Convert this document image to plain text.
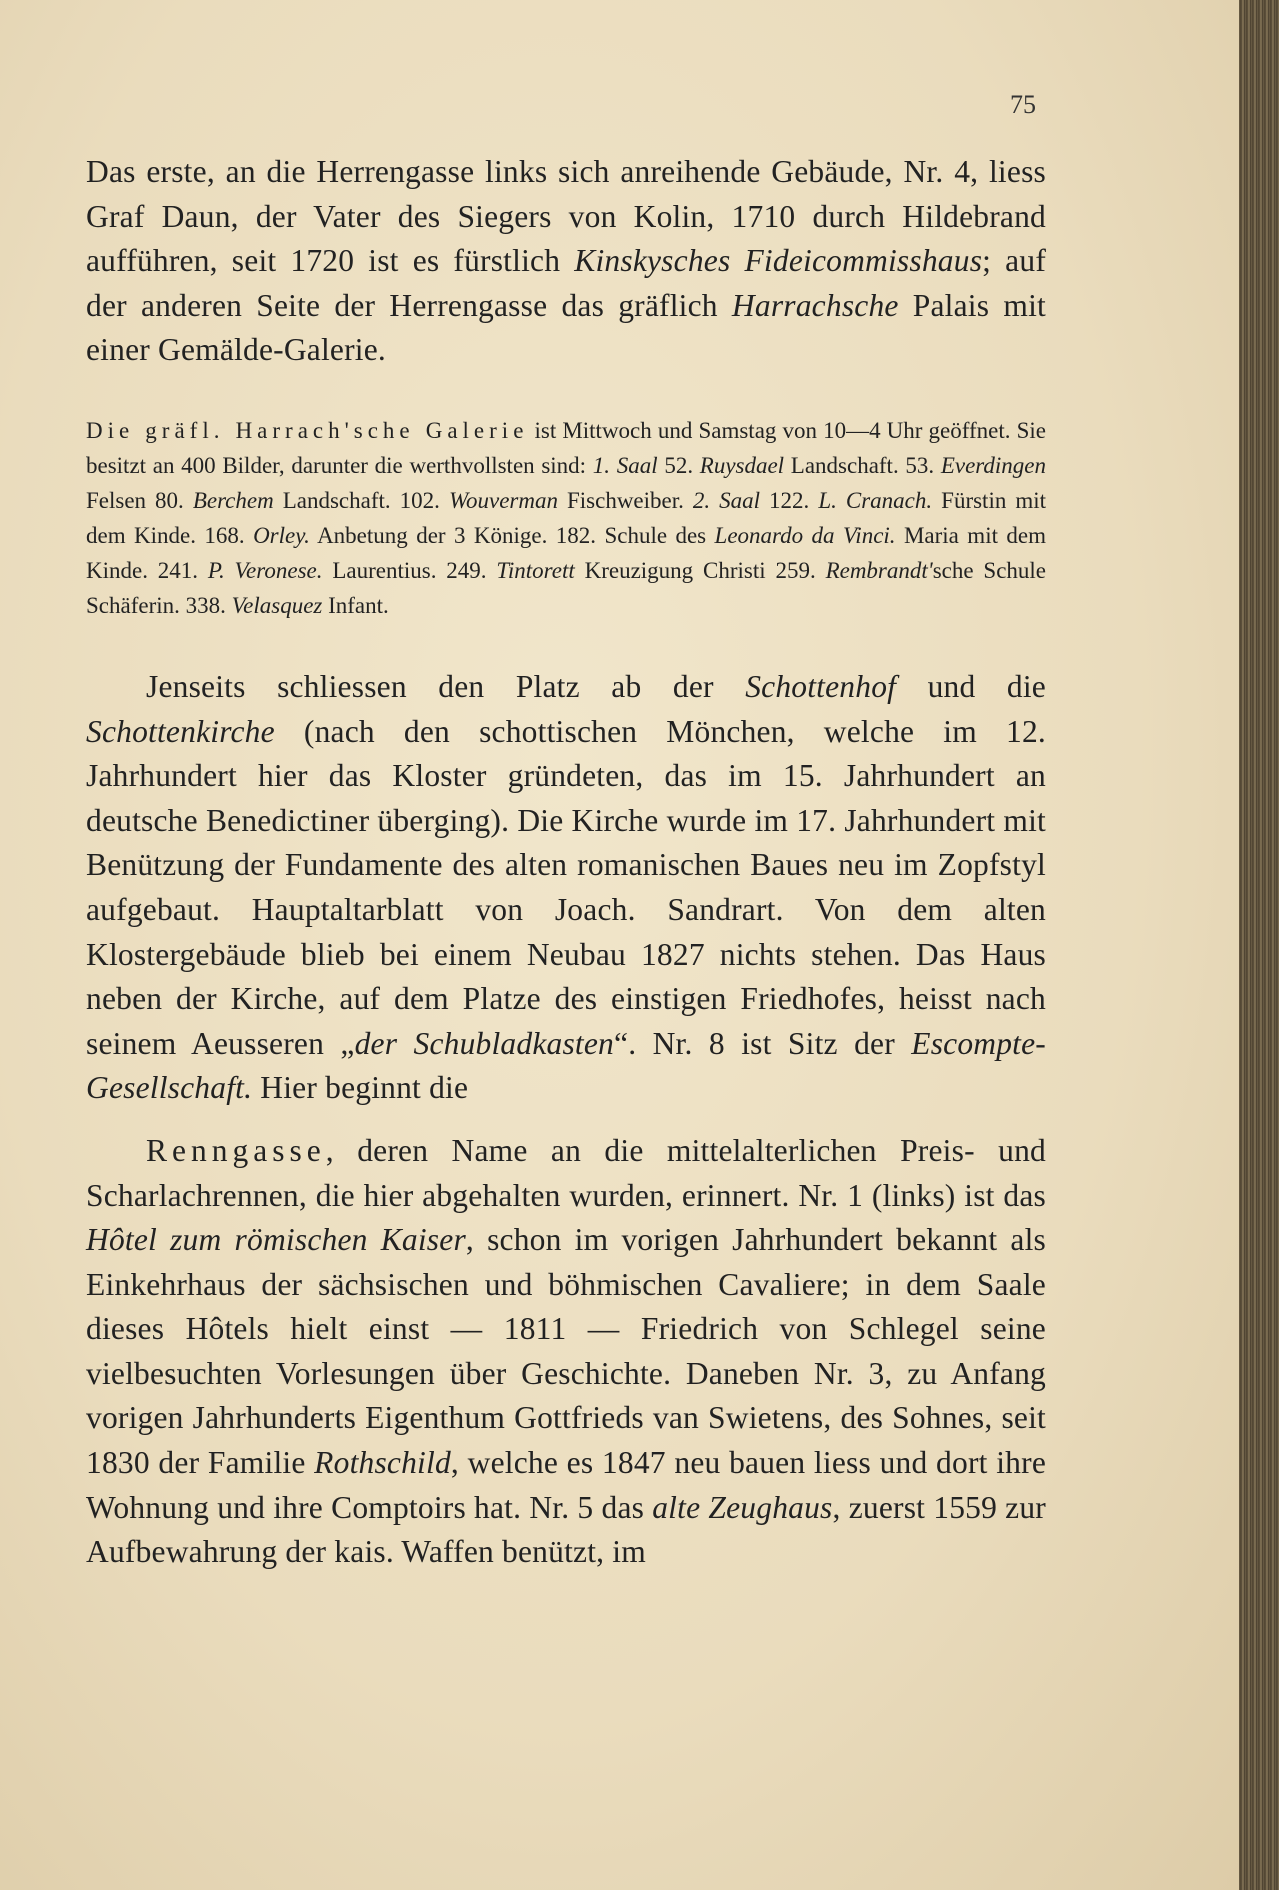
75

Das erste, an die Herrengasse links sich anreihende Gebäude, Nr. 4, liess Graf Daun, der Vater des Siegers von Kolin, 1710 durch Hildebrand aufführen, seit 1720 ist es fürstlich Kinskysches Fideicommisshaus; auf der anderen Seite der Herrengasse das gräflich Harrachsche Palais mit einer Gemälde-Galerie.

Die gräfl. Harrach'sche Galerie ist Mittwoch und Samstag von 10—4 Uhr geöffnet. Sie besitzt an 400 Bilder, darunter die werthvollsten sind: 1. Saal 52. Ruysdael Landschaft. 53. Everdingen Felsen 80. Berchem Landschaft. 102. Wouverman Fischweiber. 2. Saal 122. L. Cranach. Fürstin mit dem Kinde. 168. Orley. Anbetung der 3 Könige. 182. Schule des Leonardo da Vinci. Maria mit dem Kinde. 241. P. Veronese. Laurentius. 249. Tintorett Kreuzigung Christi 259. Rembrandt'sche Schule Schäferin. 338. Velasquez Infant.

Jenseits schliessen den Platz ab der Schottenhof und die Schottenkirche (nach den schottischen Mönchen, welche im 12. Jahrhundert hier das Kloster gründeten, das im 15. Jahrhundert an deutsche Benedictiner überging). Die Kirche wurde im 17. Jahrhundert mit Benützung der Fundamente des alten romanischen Baues neu im Zopfstyl aufgebaut. Hauptaltarblatt von Joach. Sandrart. Von dem alten Klostergebäude blieb bei einem Neubau 1827 nichts stehen. Das Haus neben der Kirche, auf dem Platze des einstigen Friedhofes, heisst nach seinem Aeusseren „der Schubladkasten“. Nr. 8 ist Sitz der Escompte-Gesellschaft. Hier beginnt die

Renngasse, deren Name an die mittelalterlichen Preis- und Scharlachrennen, die hier abgehalten wurden, erinnert. Nr. 1 (links) ist das Hôtel zum römischen Kaiser, schon im vorigen Jahrhundert bekannt als Einkehrhaus der sächsischen und böhmischen Cavaliere; in dem Saale dieses Hôtels hielt einst — 1811 — Friedrich von Schlegel seine vielbesuchten Vorlesungen über Geschichte. Daneben Nr. 3, zu Anfang vorigen Jahrhunderts Eigenthum Gottfrieds van Swietens, des Sohnes, seit 1830 der Familie Rothschild, welche es 1847 neu bauen liess und dort ihre Wohnung und ihre Comptoirs hat. Nr. 5 das alte Zeughaus, zuerst 1559 zur Aufbewahrung der kais. Waffen benützt, im
